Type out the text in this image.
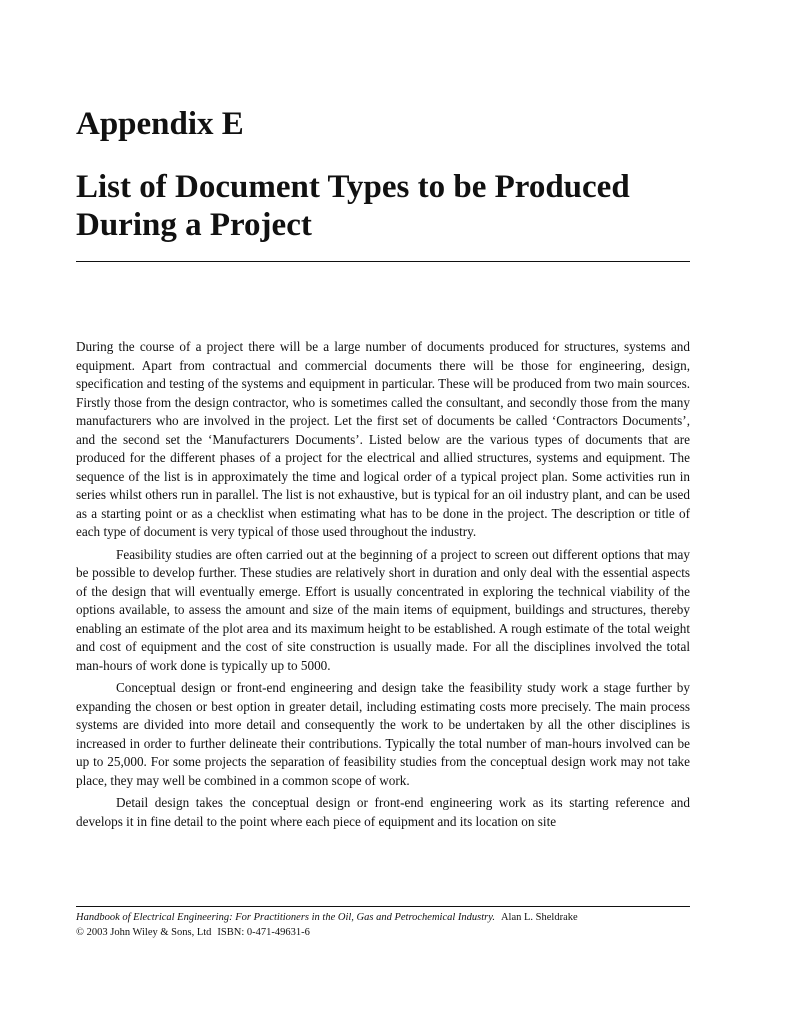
Appendix E
List of Document Types to be Produced
During a Project

During the course of a project there will be a large number of documents produced for structures, systems and equipment. Apart from contractual and commercial documents there will be those for engineering, design, specification and testing of the systems and equipment in particular. These will be produced from two main sources. Firstly those from the design contractor, who is sometimes called the consultant, and secondly those from the many manufacturers who are involved in the project. Let the first set of documents be called ‘Contractors Documents’, and the second set the ‘Manufacturers Documents’. Listed below are the various types of documents that are produced for the different phases of a project for the electrical and allied structures, systems and equipment. The sequence of the list is in approximately the time and logical order of a typical project plan. Some activities run in series whilst others run in parallel. The list is not exhaustive, but is typical for an oil industry plant, and can be used as a starting point or as a checklist when estimating what has to be done in the project. The description or title of each type of document is very typical of those used throughout the industry.

Feasibility studies are often carried out at the beginning of a project to screen out different options that may be possible to develop further. These studies are relatively short in duration and only deal with the essential aspects of the design that will eventually emerge. Effort is usually concentrated in exploring the technical viability of the options available, to assess the amount and size of the main items of equipment, buildings and structures, thereby enabling an estimate of the plot area and its maximum height to be established. A rough estimate of the total weight and cost of equipment and the cost of site construction is usually made. For all the disciplines involved the total man-hours of work done is typically up to 5000.

Conceptual design or front-end engineering and design take the feasibility study work a stage further by expanding the chosen or best option in greater detail, including estimating costs more precisely. The main process systems are divided into more detail and consequently the work to be undertaken by all the other disciplines is increased in order to further delineate their contributions. Typically the total number of man-hours involved can be up to 25,000. For some projects the separation of feasibility studies from the conceptual design work may not take place, they may well be combined in a common scope of work.

Detail design takes the conceptual design or front-end engineering work as its starting reference and develops it in fine detail to the point where each piece of equipment and its location on site

Handbook of Electrical Engineering: For Practitioners in the Oil, Gas and Petrochemical Industry. Alan L. Sheldrake
© 2003 John Wiley & Sons, Ltd ISBN: 0-471-49631-6
